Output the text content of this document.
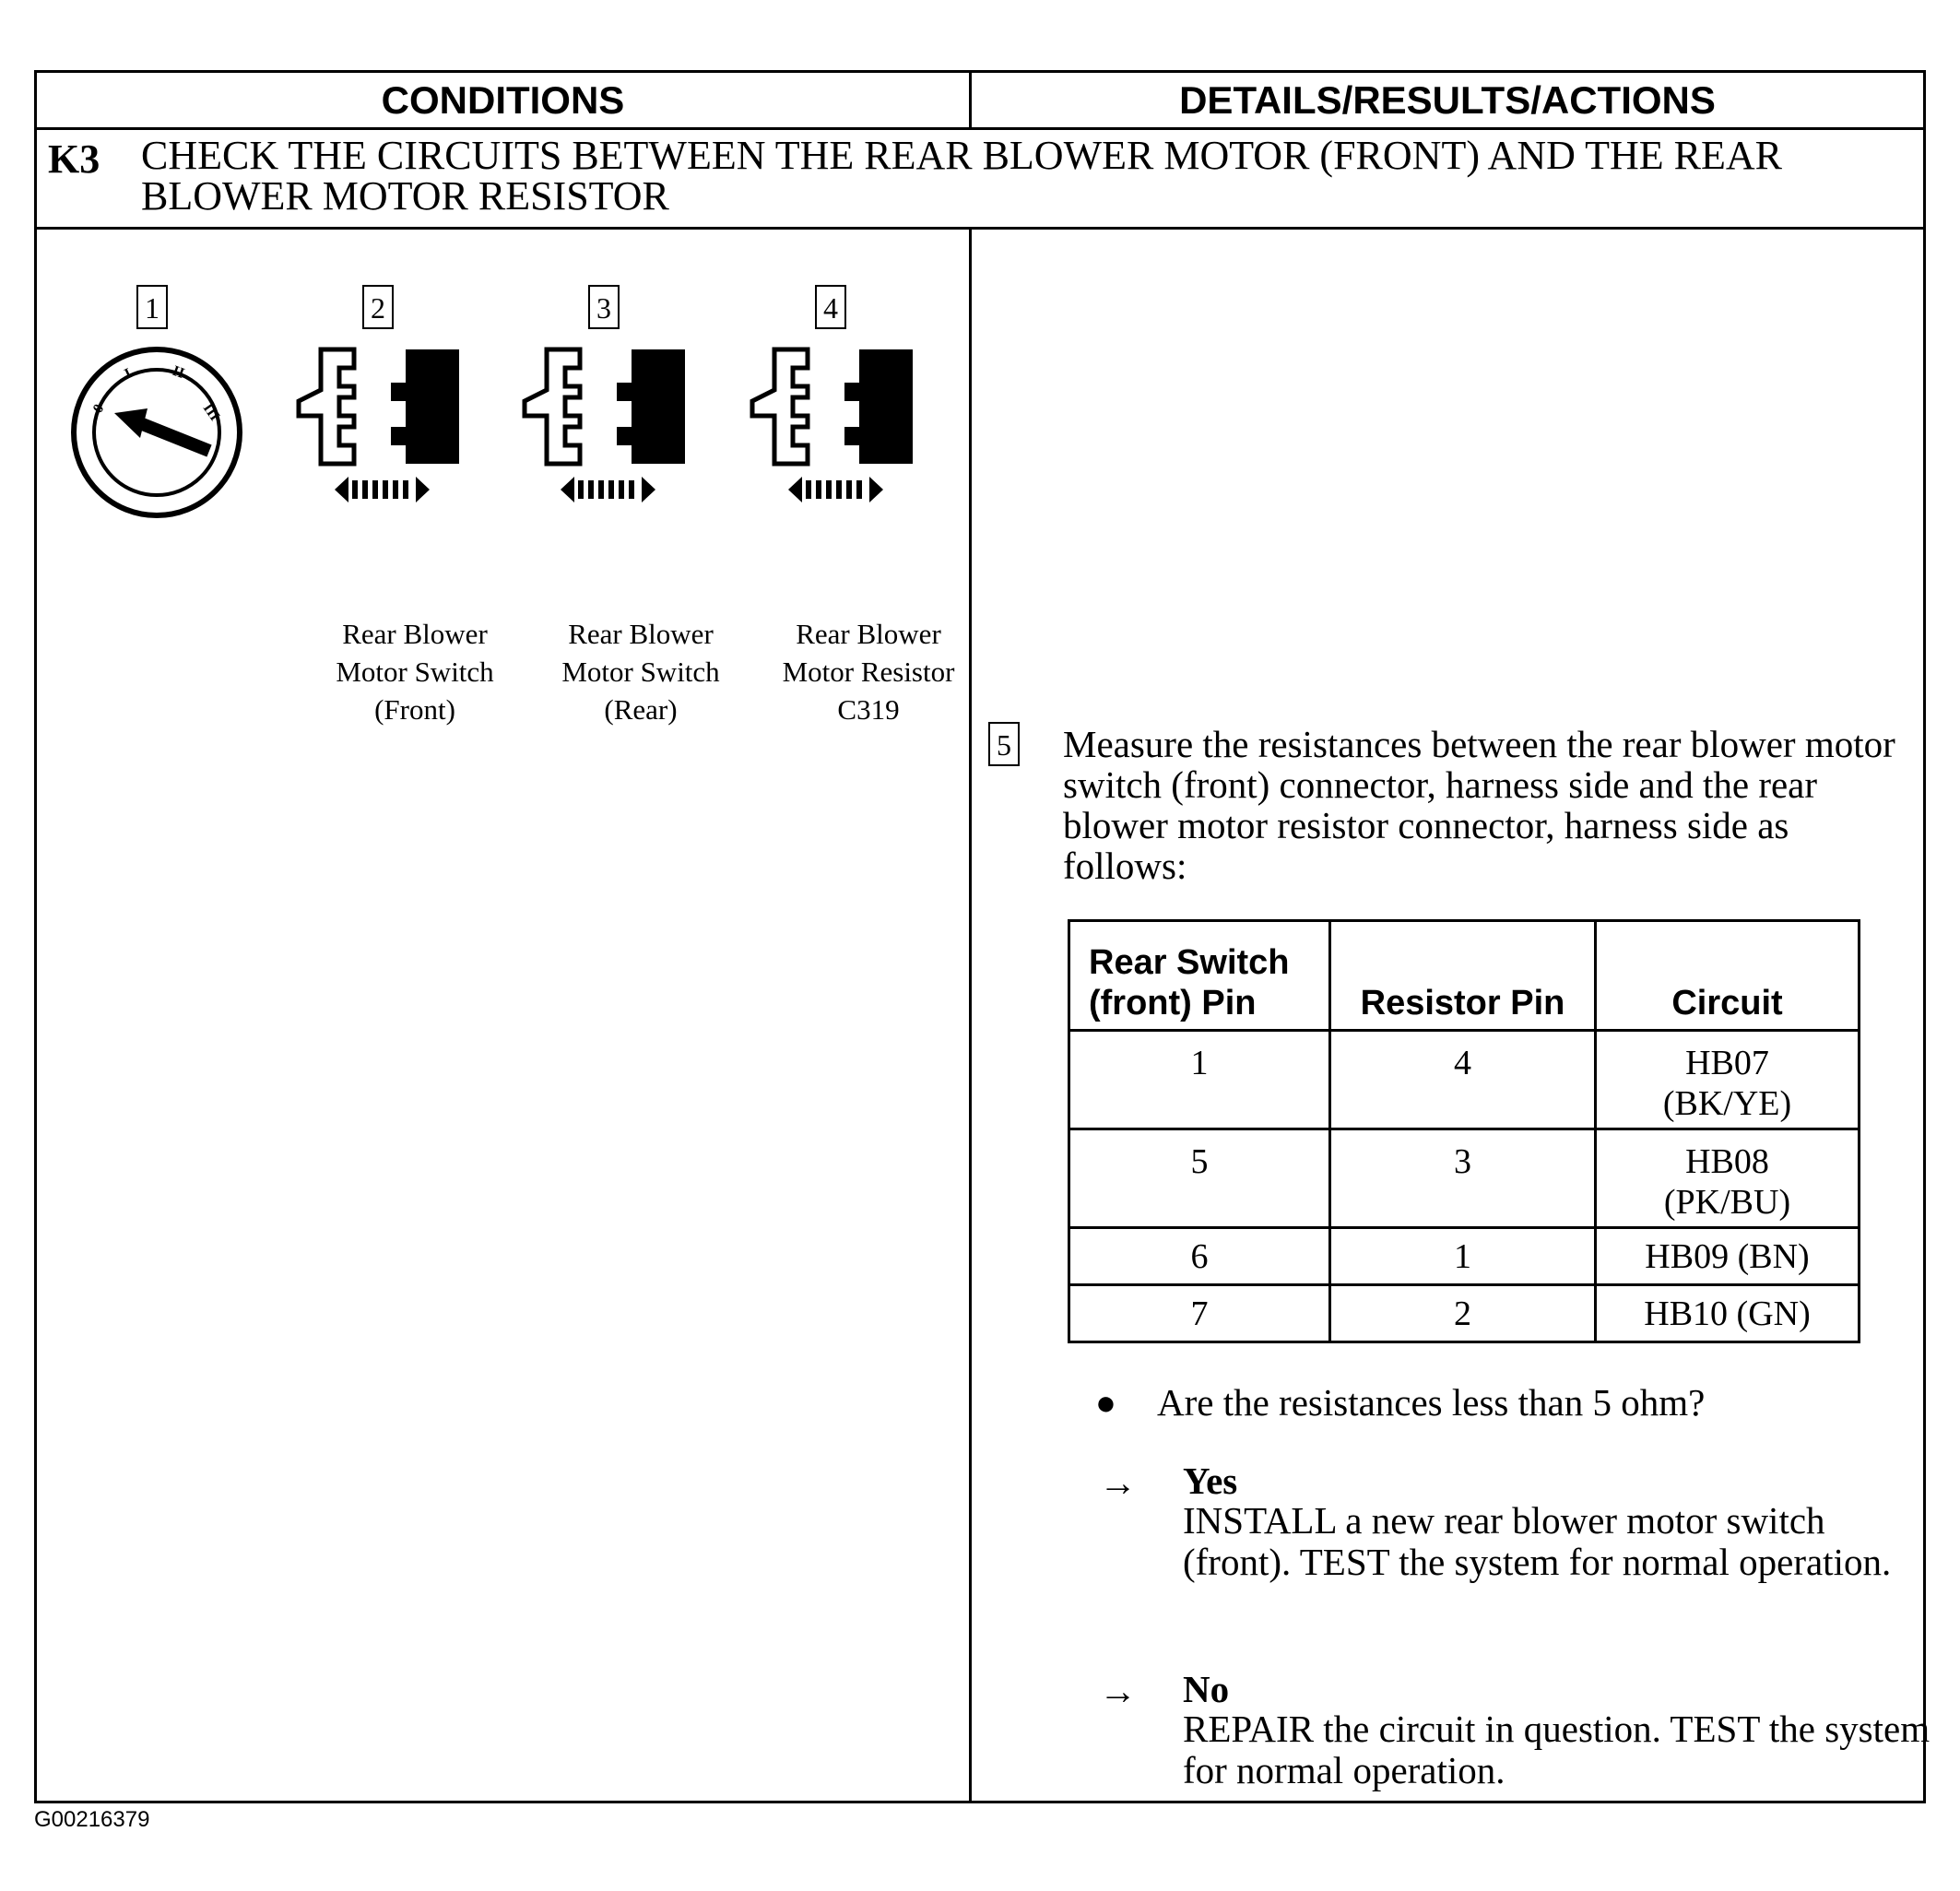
CONDITIONS	DETAILS/RESULTS/ACTIONS
K3 CHECK THE CIRCUITS BETWEEN THE REAR BLOWER MOTOR (FRONT) AND THE REAR BLOWER MOTOR RESISTOR
1
0
I II
III
2
Rear Blower
Motor Switch
(Front)
3
Rear Blower
Motor Switch
(Rear)
4
Rear Blower
Motor Resistor
C319
5 Measure the resistances between the rear blower motor switch (front) connector, harness side and the rear blower motor resistor connector, harness side as follows:
Rear Switch (front) Pin	Resistor Pin	Circuit
1	4	HB07 (BK/YE)
5	3	HB08 (PK/BU)
6	1	HB09 (BN)
7	2	HB10 (GN)
● Are the resistances less than 5 ohm?
→ Yes
INSTALL a new rear blower motor switch (front). TEST the system for normal operation.
→ No
REPAIR the circuit in question. TEST the system for normal operation.
G00216379
